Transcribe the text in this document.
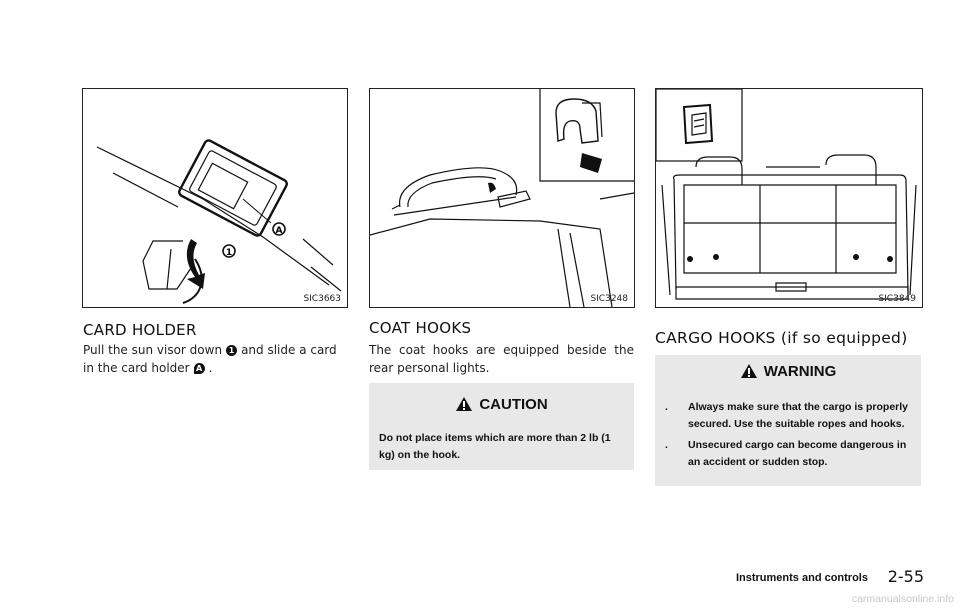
1
A
SIC3663	SIC3248	SIC3849
CARD HOLDER

Pull the sun visor down 1 and slide a card
in the card holder A .

COAT HOOKS

The coat hooks are equipped beside the rear personal lights.

CAUTION
Do not place items which are more than 2 lb (1 kg) on the hook.
CARGO HOOKS (if so equipped)
WARNING
. Always make sure that the cargo is properly secured. Use the suitable ropes and hooks.
. Unsecured cargo can become dangerous in an accident or sudden stop.
Instruments and controls 2-55
carmanualsonline.info
